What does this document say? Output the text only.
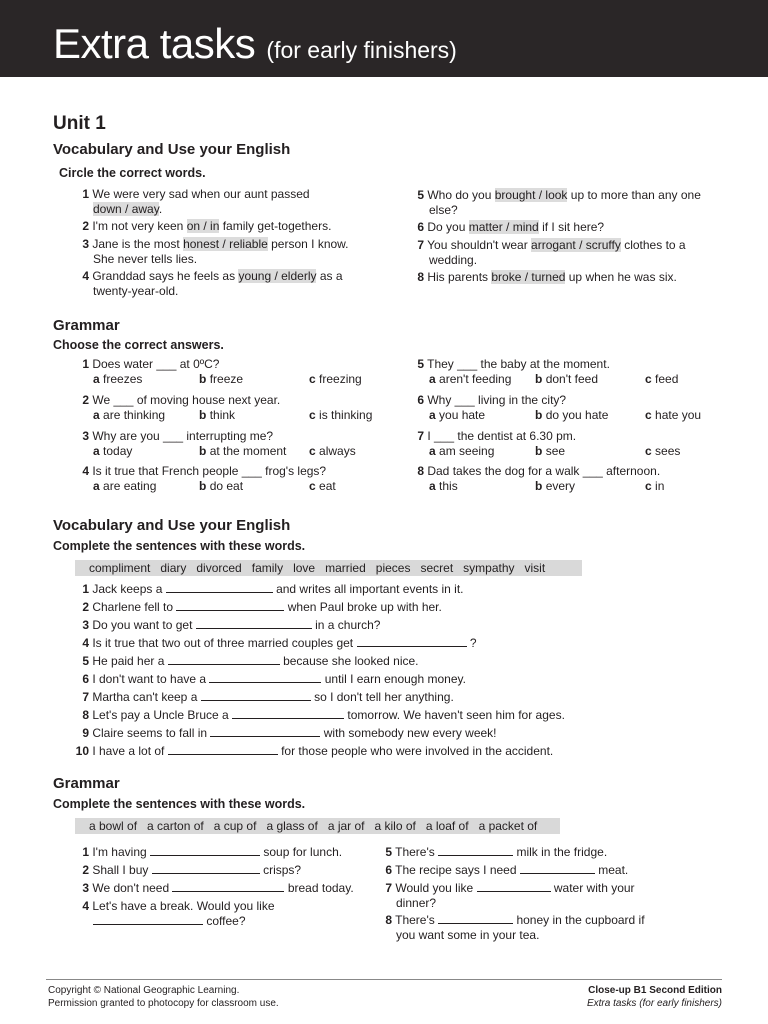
Extra tasks (for early finishers)
Unit 1
Vocabulary and Use your English
Circle the correct words.
1 We were very sad when our aunt passed
down / away.
2 I'm not very keen on / in family get-togethers.
3 Jane is the most honest / reliable person I know.
She never tells lies.
4 Granddad says he feels as young / elderly as a
twenty-year-old.
5 Who do you brought / look up to more than any one
else?
6 Do you matter / mind if I sit here?
7 You shouldn't wear arrogant / scruffy clothes to a
wedding.
8 His parents broke / turned up when he was six.
Grammar
Choose the correct answers.
1 Does water ___ at 0ºC?
a freezes	b freeze	c freezing
2 We ___ of moving house next year.
a are thinking	b think	c is thinking
3 Why are you ___ interrupting me?
a today	b at the moment c always
4 Is it true that French people ___ frog's legs?
a are eating	b do eat	c eat
5 They ___ the baby at the moment.
a aren't feeding b don't feed	c feed
6 Why ___ living in the city?
a you hate	b do you hate	c hate you
7 I ___ the dentist at 6.30 pm.
a am seeing	b see	c sees
8 Dad takes the dog for a walk ___ afternoon.
a this	b every	c in
Vocabulary and Use your English
Complete the sentences with these words.
compliment diary divorced family love married pieces secret sympathy visit
1 Jack keeps a	and writes all important events in it.
2 Charlene fell to	when Paul broke up with her.
3 Do you want to get	in a church?
4 Is it true that two out of three married couples get	?
5 He paid her a	because she looked nice.
6 I don't want to have a	until I earn enough money.
7 Martha can't keep a	so I don't tell her anything.
8 Let's pay a Uncle Bruce a	tomorrow. We haven't seen him for ages.
9 Claire seems to fall in	with somebody new every week!
10 I have a lot of	for those people who were involved in the accident.
Grammar
Complete the sentences with these words.
a bowl of a carton of a cup of a glass of a jar of a kilo of a loaf of a packet of
1 I'm having	soup for lunch.
2 Shall I buy	crisps?
3 We don't need	bread today.
4 Let's have a break. Would you like
coffee?
5 There's	milk in the fridge.
6 The recipe says I need	meat.
7 Would you like	water with your
dinner?
8 There's	honey in the cupboard if
you want some in your tea.
Copyright © National Geographic Learning.
Permission granted to photocopy for classroom use.
Close-up B1 Second Edition
Extra tasks (for early finishers)
